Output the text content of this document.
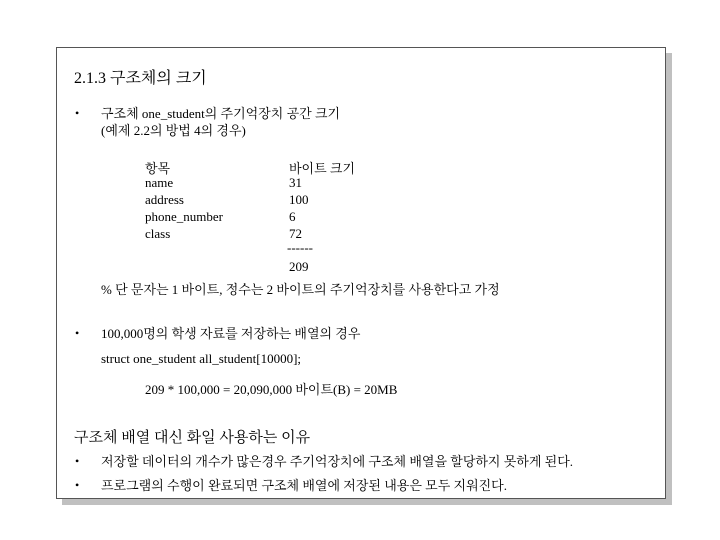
2.1.3 구조체의 크기
• 구조체 one_student의 주기억장치 공간 크기
(예제 2.2의 방법 4의 경우)
항목	바이트 크기
name	31
address	100
phone_number	6
class	72
------
209
% 단 문자는 1 바이트, 정수는 2 바이트의 주기억장치를 사용한다고 가정
• 100,000명의 학생 자료를 저장하는 배열의 경우
struct one_student all_student[10000];
209 * 100,000 = 20,090,000 바이트(B) = 20MB
구조체 배열 대신 화일 사용하는 이유
• 저장할 데이터의 개수가 많은경우 주기억장치에 구조체 배열을 할당하지 못하게 된다.
• 프로그램의 수행이 완료되면 구조체 배열에 저장된 내용은 모두 지워진다.
